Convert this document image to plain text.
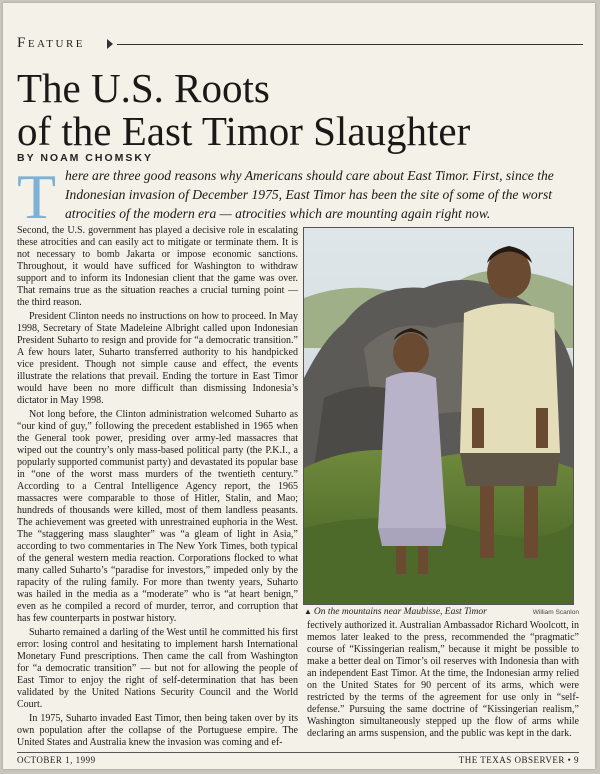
Feature
The U.S. Roots
of the East Timor Slaughter
BY NOAM CHOMSKY
T here are three good reasons why Americans should care about East Timor. First, since the Indonesian invasion of December 1975, East Timor has been the site of some of the worst atrocities of the modern era — atrocities which are mounting again right now.

Second, the U.S. government has played a decisive role in escalating these atrocities and can easily act to mitigate or terminate them. It is not necessary to bomb Jakarta or impose economic sanctions. Throughout, it would have sufficed for Washington to withdraw support and to inform its Indonesian client that the game was over. That remains true as the situation reaches a crucial turning point — the third reason.

President Clinton needs no instructions on how to proceed. In May 1998, Secretary of State Madeleine Albright called upon Indonesian President Suharto to resign and provide for “a democratic transition.” A few hours later, Suharto transferred authority to his handpicked vice president. Though not simple cause and effect, the events illustrate the relations that prevail. Ending the torture in East Timor would have been no more difficult than dismissing Indonesia’s dictator in May 1998.

Not long before, the Clinton administration welcomed Suharto as “our kind of guy,” following the precedent established in 1965 when the General took power, presiding over army-led massacres that wiped out the country’s only mass-based political party (the P.K.I., a popularly supported communist party) and devastated its popular base in “one of the worst mass murders of the twentieth century.” According to a Central Intelligence Agency report, the 1965 massacres were comparable to those of Hitler, Stalin, and Mao; hundreds of thousands were killed, most of them landless peasants. The achievement was greeted with unrestrained euphoria in the West. The “staggering mass slaughter” was “a gleam of light in Asia,” according to two commentaries in The New York Times, both typical of the general western media reaction. Corporations flocked to what many called Suharto’s “paradise for investors,” impeded only by the rapacity of the ruling family. For more than twenty years, Suharto was hailed in the media as a “moderate” who is “at heart benign,” even as he compiled a record of murder, terror, and corruption that has few counterparts in postwar history.

Suharto remained a darling of the West until he committed his first error: losing control and hesitating to implement harsh International Monetary Fund prescriptions. Then came the call from Washington for “a democratic transition” — but not for allowing the people of East Timor to enjoy the right of self-determination that has been validated by the United Nations Security Council and the World Court.

In 1975, Suharto invaded East Timor, then being taken over by its own population after the collapse of the Portuguese empire. The United States and Australia knew the invasion was coming and ef-

▲ On the mountains near Maubisse, East Timor	William Scanlon

fectively authorized it. Australian Ambassador Richard Woolcott, in memos later leaked to the press, recommended the “pragmatic” course of “Kissingerian realism,” because it might be possible to make a better deal on Timor’s oil reserves with Indonesia than with an independent East Timor. At the time, the Indonesian army relied on the United States for 90 percent of its arms, which were restricted by the terms of the agreement for use only in “self-defense.” Pursuing the same doctrine of “Kissingerian realism,” Washington simultaneously stepped up the flow of arms while declaring an arms suspension, and the public was kept in the dark.

OCTOBER 1, 1999	THE TEXAS OBSERVER • 9
